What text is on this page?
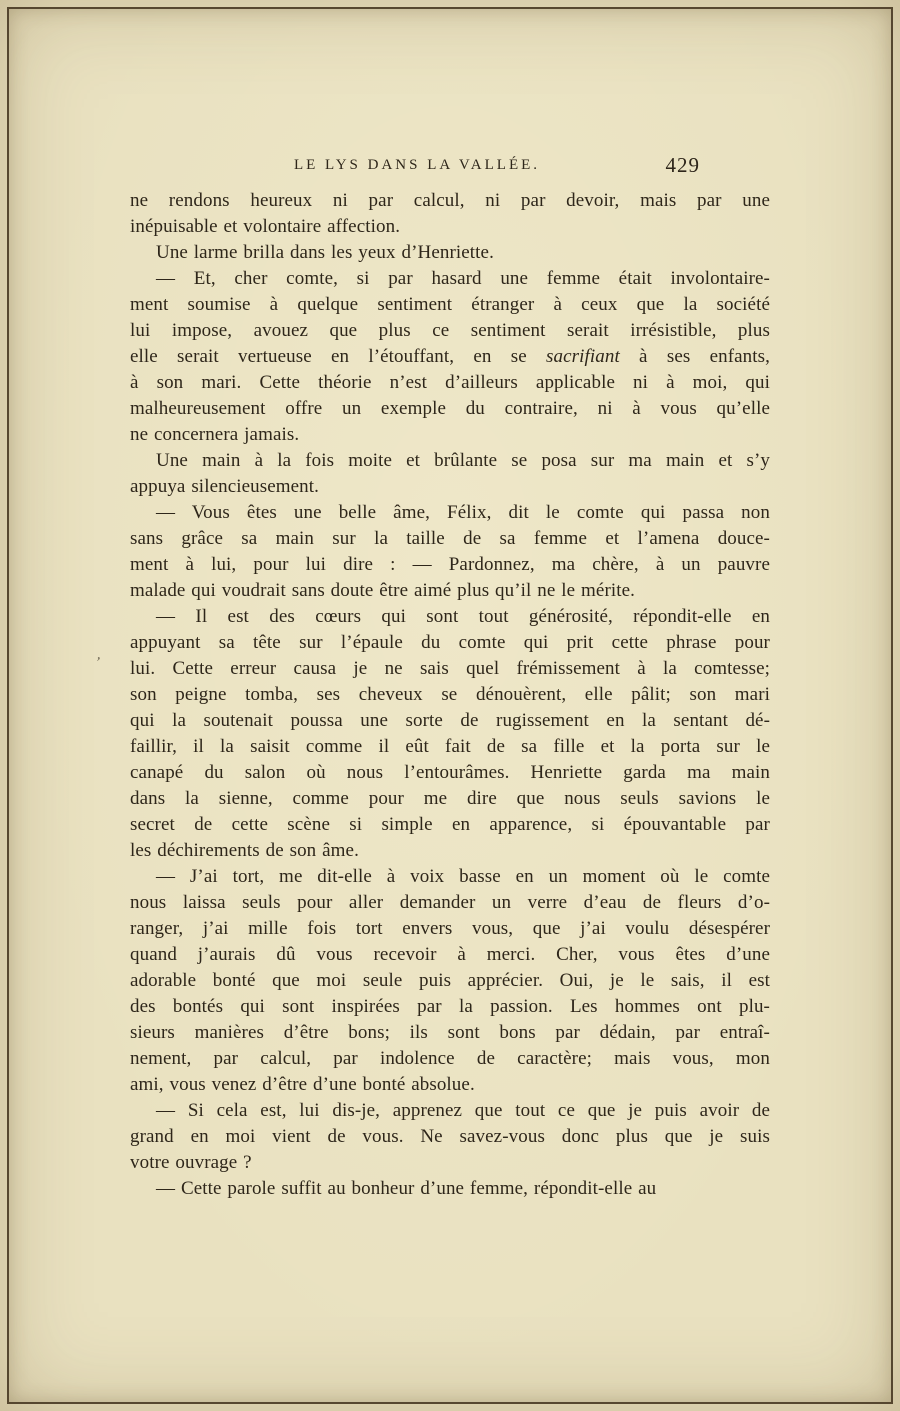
LE LYS DANS LA VALLÉE.	429
’
ne rendons heureux ni par calcul, ni par devoir, mais par une
inépuisable et volontaire affection.
Une larme brilla dans les yeux d’Henriette.
— Et, cher comte, si par hasard une femme était involontaire-
ment soumise à quelque sentiment étranger à ceux que la société
lui impose, avouez que plus ce sentiment serait irrésistible, plus
elle serait vertueuse en l’étouffant, en se sacrifiant à ses enfants,
à son mari. Cette théorie n’est d’ailleurs applicable ni à moi, qui
malheureusement offre un exemple du contraire, ni à vous qu’elle
ne concernera jamais.
Une main à la fois moite et brûlante se posa sur ma main et s’y
appuya silencieusement.
— Vous êtes une belle âme, Félix, dit le comte qui passa non
sans grâce sa main sur la taille de sa femme et l’amena douce-
ment à lui, pour lui dire : — Pardonnez, ma chère, à un pauvre
malade qui voudrait sans doute être aimé plus qu’il ne le mérite.
— Il est des cœurs qui sont tout générosité, répondit-elle en
appuyant sa tête sur l’épaule du comte qui prit cette phrase pour
lui. Cette erreur causa je ne sais quel frémissement à la comtesse;
son peigne tomba, ses cheveux se dénouèrent, elle pâlit; son mari
qui la soutenait poussa une sorte de rugissement en la sentant dé-
faillir, il la saisit comme il eût fait de sa fille et la porta sur le
canapé du salon où nous l’entourâmes. Henriette garda ma main
dans la sienne, comme pour me dire que nous seuls savions le
secret de cette scène si simple en apparence, si épouvantable par
les déchirements de son âme.
— J’ai tort, me dit-elle à voix basse en un moment où le comte
nous laissa seuls pour aller demander un verre d’eau de fleurs d’o-
ranger, j’ai mille fois tort envers vous, que j’ai voulu désespérer
quand j’aurais dû vous recevoir à merci. Cher, vous êtes d’une
adorable bonté que moi seule puis apprécier. Oui, je le sais, il est
des bontés qui sont inspirées par la passion. Les hommes ont plu-
sieurs manières d’être bons; ils sont bons par dédain, par entraî-
nement, par calcul, par indolence de caractère; mais vous, mon
ami, vous venez d’être d’une bonté absolue.
— Si cela est, lui dis-je, apprenez que tout ce que je puis avoir de
grand en moi vient de vous. Ne savez-vous donc plus que je suis
votre ouvrage ?
— Cette parole suffit au bonheur d’une femme, répondit-elle au
